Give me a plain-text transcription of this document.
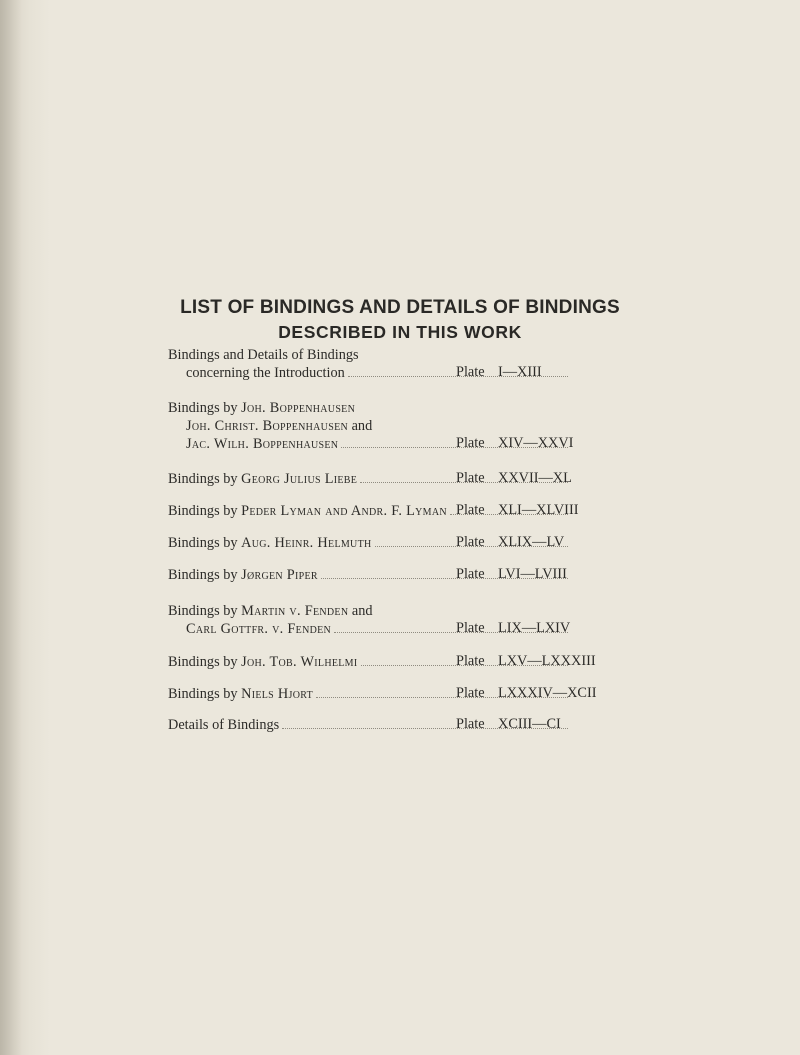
LIST OF BINDINGS AND DETAILS OF BINDINGS
DESCRIBED IN THIS WORK
Bindings and Details of Bindings
concerning the Introduction	Plate I—XIII
Bindings by Joh. Boppenhausen
Joh. Christ. Boppenhausen and
Jac. Wilh. Boppenhausen	Plate XIV—XXVI
Bindings by Georg Julius Liebe	Plate XXVII—XL
Bindings by Peder Lyman and Andr. F. Lyman Plate XLI—XLVIII
Bindings by Aug. Heinr. Helmuth	Plate XLIX—LV
Bindings by Jørgen Piper	Plate LVI—LVIII
Bindings by Martin v. Fenden and
Carl Gottfr. v. Fenden	Plate LIX—LXIV
Bindings by Joh. Tob. Wilhelmi	Plate LXV—LXXXIII
Bindings by Niels Hjort	Plate LXXXIV—XCII
Details of Bindings	Plate XCIII—CI
